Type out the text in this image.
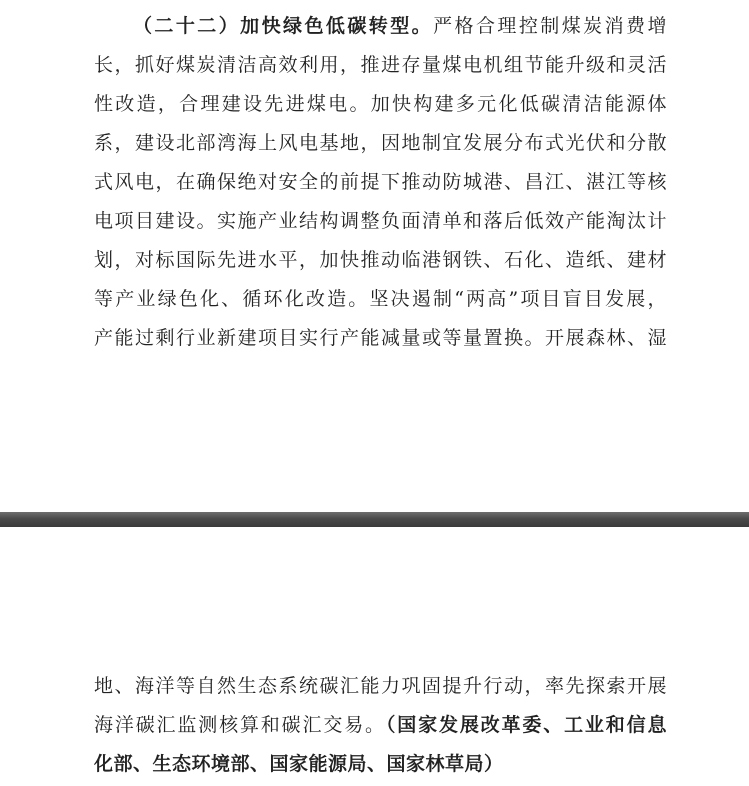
（二十二）加快绿色低碳转型。严格合理控制煤炭消费增
长，抓好煤炭清洁高效利用，推进存量煤电机组节能升级和灵活
性改造，合理建设先进煤电。加快构建多元化低碳清洁能源体
系，建设北部湾海上风电基地，因地制宜发展分布式光伏和分散
式风电，在确保绝对安全的前提下推动防城港、昌江、湛江等核
电项目建设。实施产业结构调整负面清单和落后低效产能淘汰计
划，对标国际先进水平，加快推动临港钢铁、石化、造纸、建材
等产业绿色化、循环化改造。坚决遏制“两高”项目盲目发展，
产能过剩行业新建项目实行产能减量或等量置换。开展森林、湿
地、海洋等自然生态系统碳汇能力巩固提升行动，率先探索开展
海洋碳汇监测核算和碳汇交易。（国家发展改革委、工业和信息
化部、生态环境部、国家能源局、国家林草局）
